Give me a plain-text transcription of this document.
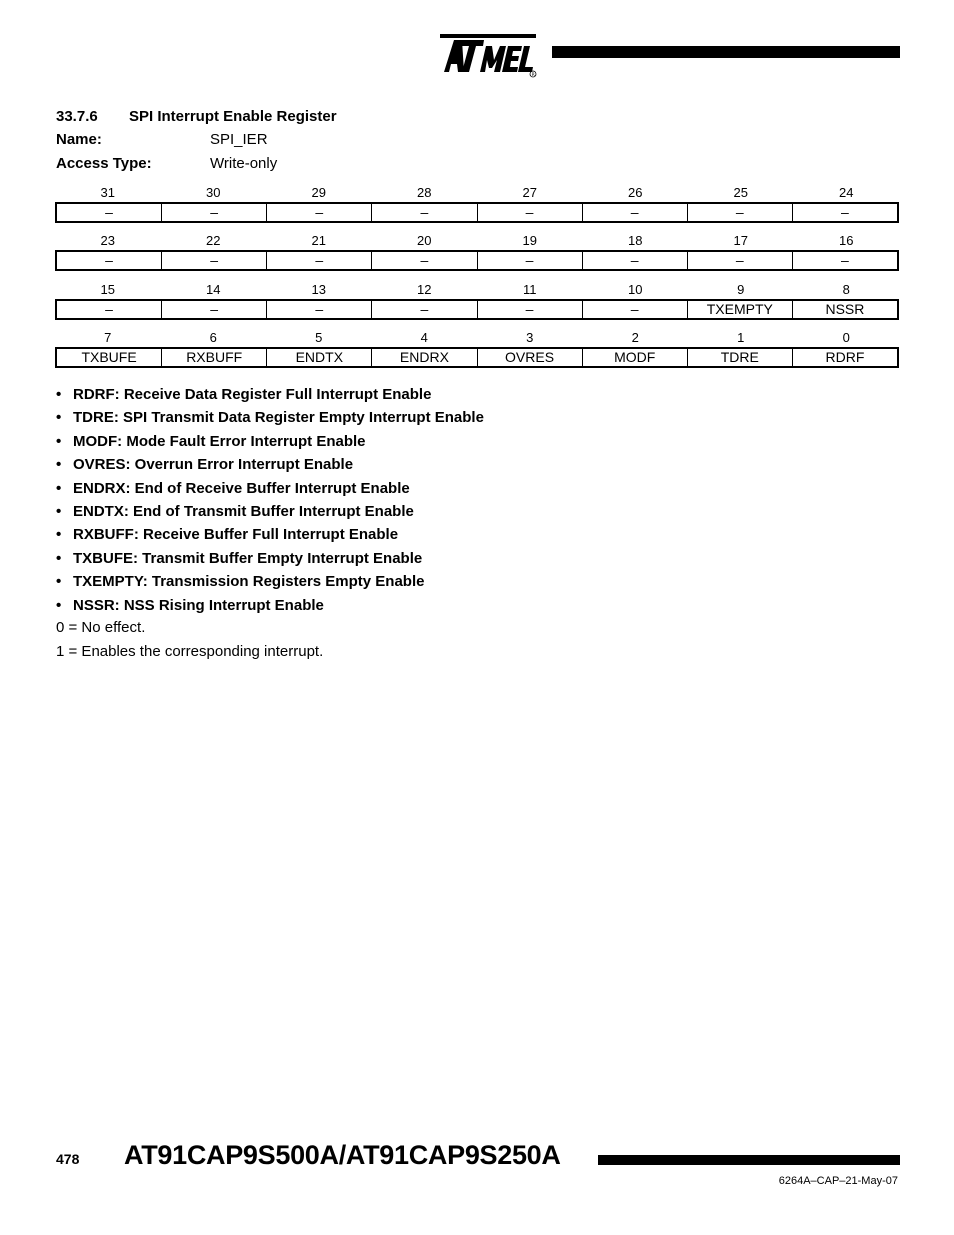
R
33.7.6 SPI Interrupt Enable Register
Name:	SPI_IER
Access Type:	Write-only
31	30	29	28	27	26	25	24
–	–	–	–	–	–	–	–
23	22	21	20	19	18	17	16
–	–	–	–	–	–	–	–
15	14	13	12	11	10	9	8
–	–	–	–	–	–	TXEMPTY	NSSR
7	6	5	4	3	2	1	0
TXBUFE	RXBUFF	ENDTX	ENDRX	OVRES	MODF	TDRE	RDRF
• RDRF: Receive Data Register Full Interrupt Enable
• TDRE: SPI Transmit Data Register Empty Interrupt Enable
• MODF: Mode Fault Error Interrupt Enable
• OVRES: Overrun Error Interrupt Enable
• ENDRX: End of Receive Buffer Interrupt Enable
• ENDTX: End of Transmit Buffer Interrupt Enable
• RXBUFF: Receive Buffer Full Interrupt Enable
• TXBUFE: Transmit Buffer Empty Interrupt Enable
• TXEMPTY: Transmission Registers Empty Enable
• NSSR: NSS Rising Interrupt Enable
0 = No effect.
1 = Enables the corresponding interrupt.
478 AT91CAP9S500A/AT91CAP9S250A
6264A–CAP–21-May-07
